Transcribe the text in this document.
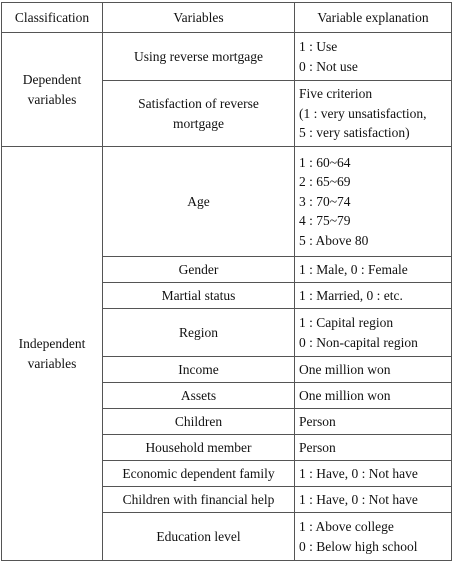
Classification	Variables	Variable explanation

Dependent
variables	Using reverse mortgage	1 : Use
0 : Not use

	Satisfaction of reverse
mortgage	Five criterion
(1 : very unsatisfaction,
5 : very satisfaction)

Independent
variables	Age	1 : 60~64
2 : 65~69
3 : 70~74
4 : 75~79
5 : Above 80

	Gender	1 : Male, 0 : Female

	Martial status	1 : Married, 0 : etc.

	Region	1 : Capital region
0 : Non-capital region

	Income	One million won

	Assets	One million won

	Children	Person

	Household member	Person

	Economic dependent family	1 : Have, 0 : Not have

	Children with financial help	1 : Have, 0 : Not have

	Education level	1 : Above college
0 : Below high school
